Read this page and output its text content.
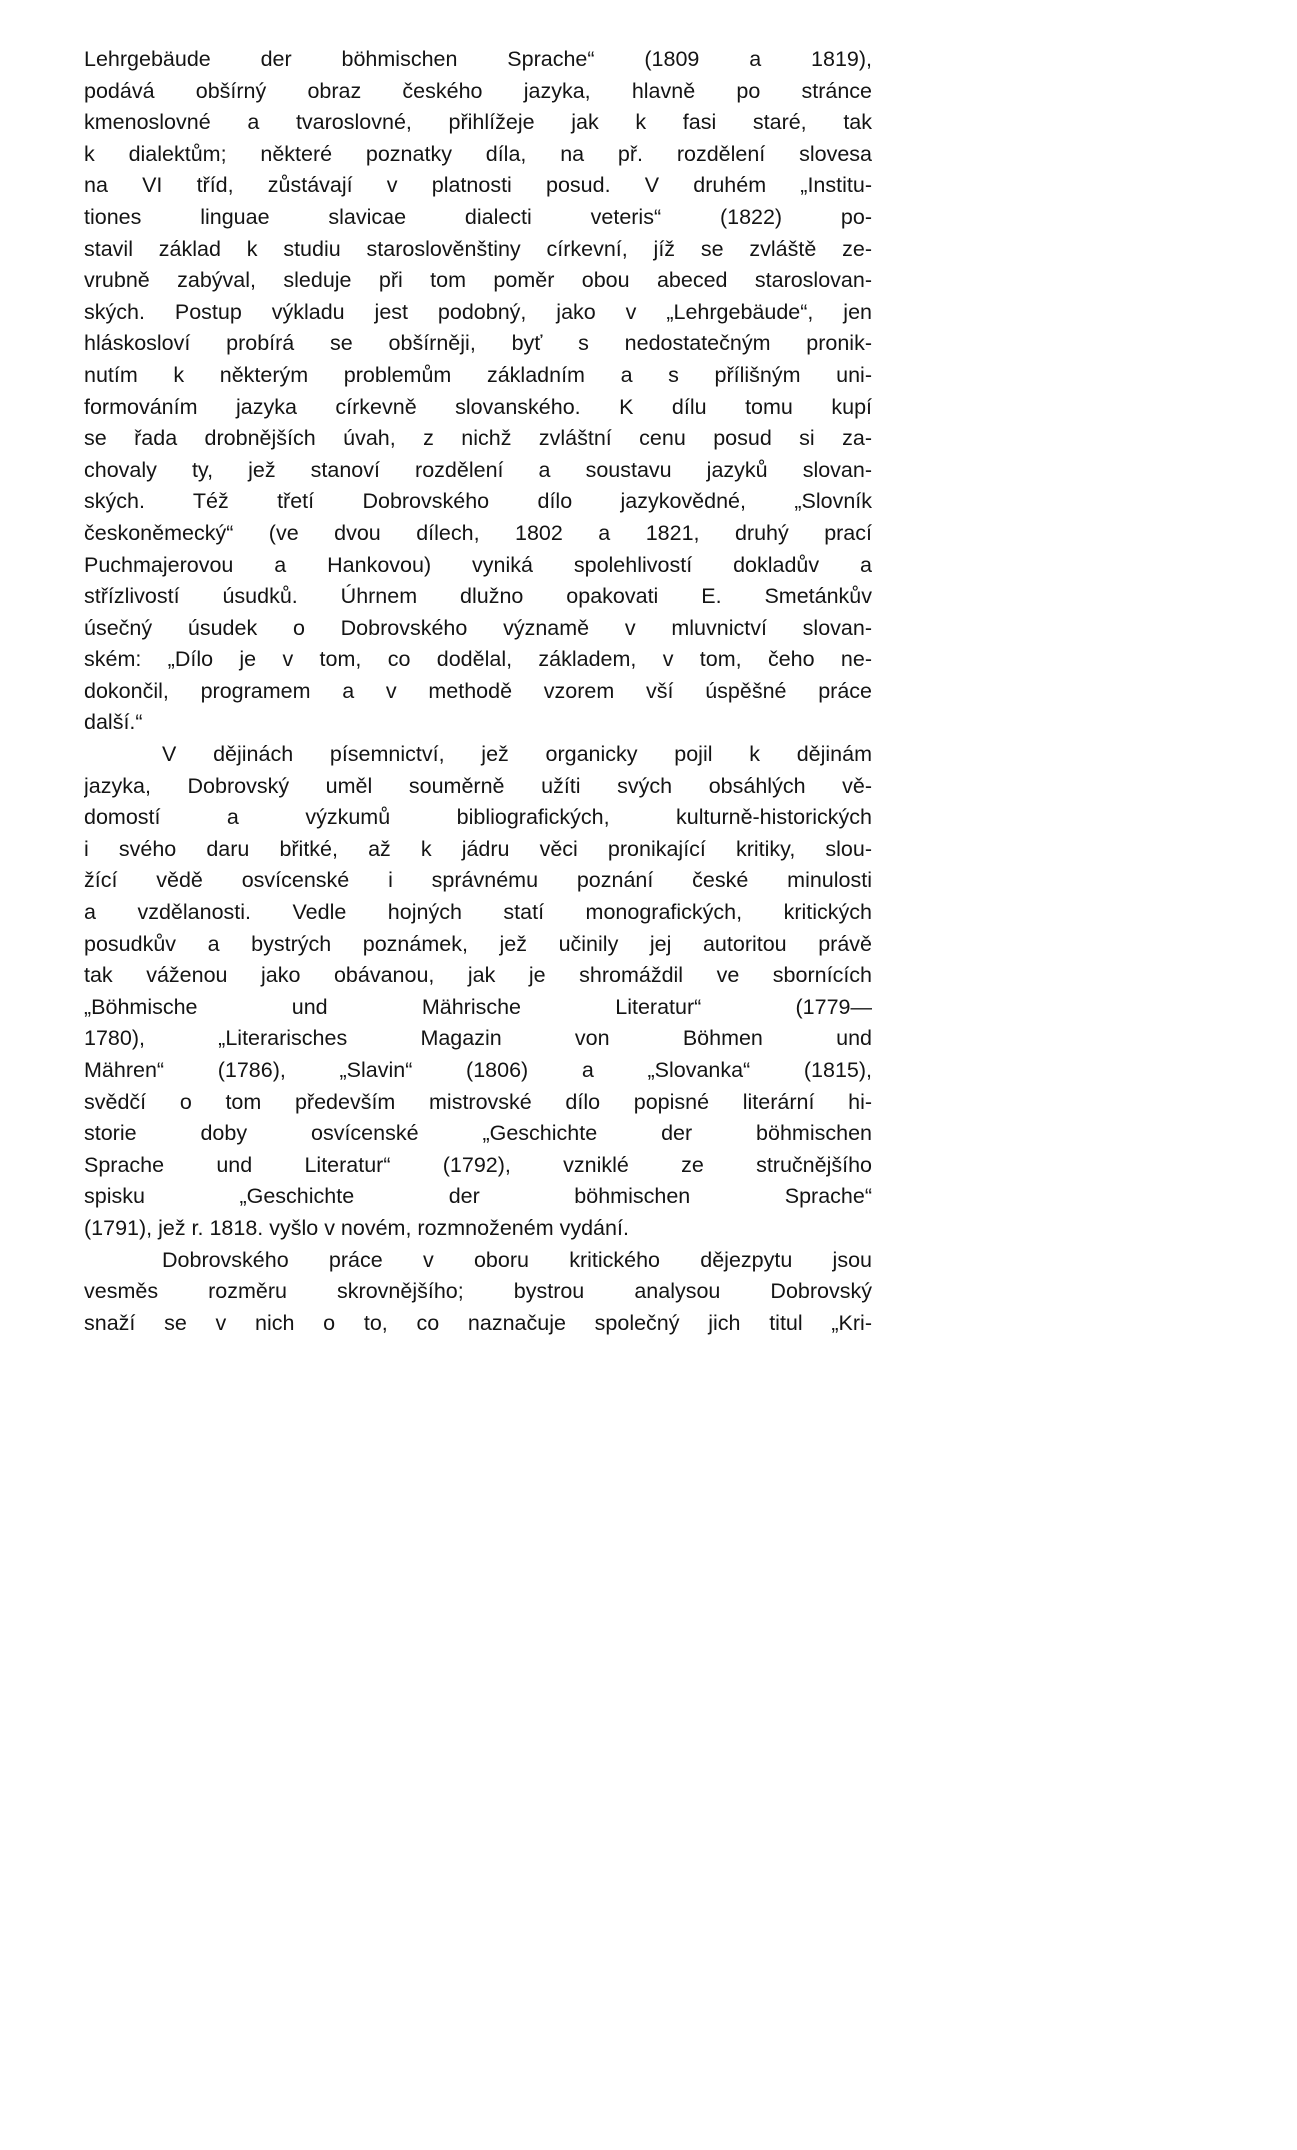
Lehrgebäude der böhmischen Sprache“ (1809 a 1819),
podává obšírný obraz českého jazyka, hlavně po stránce
kmenoslovné a tvaroslovné, přihlížeje jak k fasi staré, tak
k dialektům; některé poznatky díla, na př. rozdělení slovesa
na VI tříd, zůstávají v platnosti posud. V druhém „Institu-
tiones linguae slavicae dialecti veteris“ (1822) po-
stavil základ k studiu staroslověnštiny církevní, jíž se zvláště ze-
vrubně zabýval, sleduje při tom poměr obou abeced staroslovan-
ských. Postup výkladu jest podobný, jako v „Lehrgebäude“, jen
hláskosloví probírá se obšírněji, byť s nedostatečným pronik-
nutím k některým problemům základním a s přílišným uni-
formováním jazyka církevně slovanského. K dílu tomu kupí
se řada drobnějších úvah, z nichž zvláštní cenu posud si za-
chovaly ty, jež stanoví rozdělení a soustavu jazyků slovan-
ských. Též třetí Dobrovského dílo jazykovědné, „Slovník
českoněmecký“ (ve dvou dílech, 1802 a 1821, druhý prací
Puchmajerovou a Hankovou) vyniká spolehlivostí dokladův a
střízlivostí úsudků. Úhrnem dlužno opakovati E. Smetánkův
úsečný úsudek o Dobrovského významě v mluvnictví slovan-
ském: „Dílo je v tom, co dodělal, základem, v tom, čeho ne-
dokončil, programem a v methodě vzorem vší úspěšné práce
další.“
V dějinách písemnictví, jež organicky pojil k dějinám
jazyka, Dobrovský uměl souměrně užíti svých obsáhlých vě-
domostí a výzkumů bibliografických, kulturně-historických
i svého daru břitké, až k jádru věci pronikající kritiky, slou-
žící vědě osvícenské i správnému poznání české minulosti
a vzdělanosti. Vedle hojných statí monografických, kritických
posudkův a bystrých poznámek, jež učinily jej autoritou právě
tak váženou jako obávanou, jak je shromáždil ve sbornících
„Böhmische und Mährische Literatur“ (1779—
1780), „Literarisches Magazin von Böhmen und
Mähren“ (1786), „Slavin“ (1806) a „Slovanka“ (1815),
svědčí o tom především mistrovské dílo popisné literární hi-
storie doby osvícenské „Geschichte der böhmischen
Sprache und Literatur“ (1792), vzniklé ze stručnějšího
spisku „Geschichte der böhmischen Sprache“
(1791), jež r. 1818. vyšlo v novém, rozmnoženém vydání.
Dobrovského práce v oboru kritického dějezpytu jsou
vesměs rozměru skrovnějšího; bystrou analysou Dobrovský
snaží se v nich o to, co naznačuje společný jich titul „Kri-
